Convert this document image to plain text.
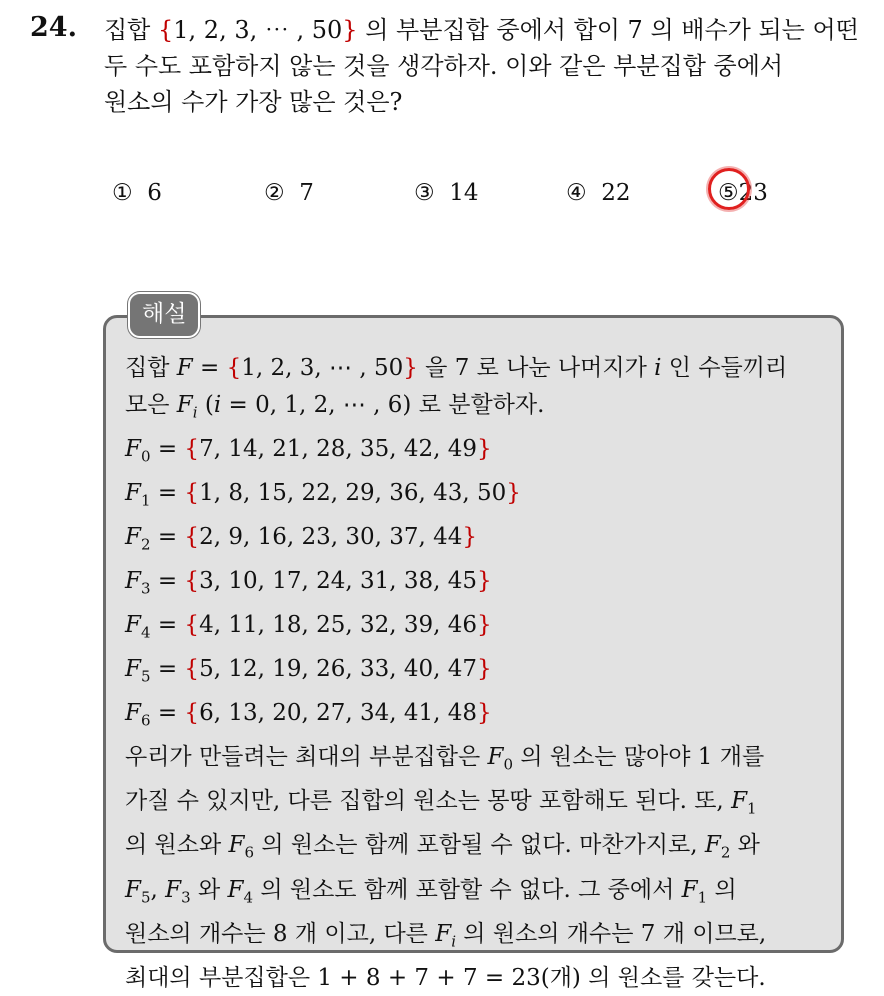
24. 집합 {1, 2, 3, ⋯ , 50} 의 부분집합 중에서 합이 7 의 배수가 되는 어떤
두 수도 포함하지 않는 것을 생각하자. 이와 같은 부분집합 중에서
원소의 수가 가장 많은 것은?
① 6	② 7	③ 14	④ 22	⑤23
해설
집합 F = {1, 2, 3, ⋯ , 50} 을 7 로 나눈 나머지가 i 인 수들끼리
모은 $F_i$ (i = 0, 1, 2, ⋯ , 6) 로 분할하자.
$F_0 = \{7$, 14, 21, 28, 35, 42, 49}
$F_1 = \{1$, 8, 15, 22, 29, 36, 43, 50}
$F_2 = \{2$, 9, 16, 23, 30, 37, 44}
$F_3 = \{3$, 10, 17, 24, 31, 38, 45}
$F_4 = \{4$, 11, 18, 25, 32, 39, 46}
$F_5 = \{5$, 12, 19, 26, 33, 40, 47}
$F_6 = \{6$, 13, 20, 27, 34, 41, 48}
우리가 만들려는 최대의 부분집합은 $F_0$ 의 원소는 많아야 1 개를
가질 수 있지만, 다른 집합의 원소는 몽땅 포함해도 된다. 또, $F_1$
의 원소와 $F_6$ 의 원소는 함께 포함될 수 없다. 마찬가지로, $F_2$ 와
$F_5$, $F_3$ 와 $F_4$ 의 원소도 함께 포함할 수 없다. 그 중에서 $F_1$ 의
원소의 개수는 8 개 이고, 다른 $F_i$ 의 원소의 개수는 7 개 이므로,
최대의 부분집합은 1 + 8 + 7 + 7 = 23(개) 의 원소를 갖는다.
